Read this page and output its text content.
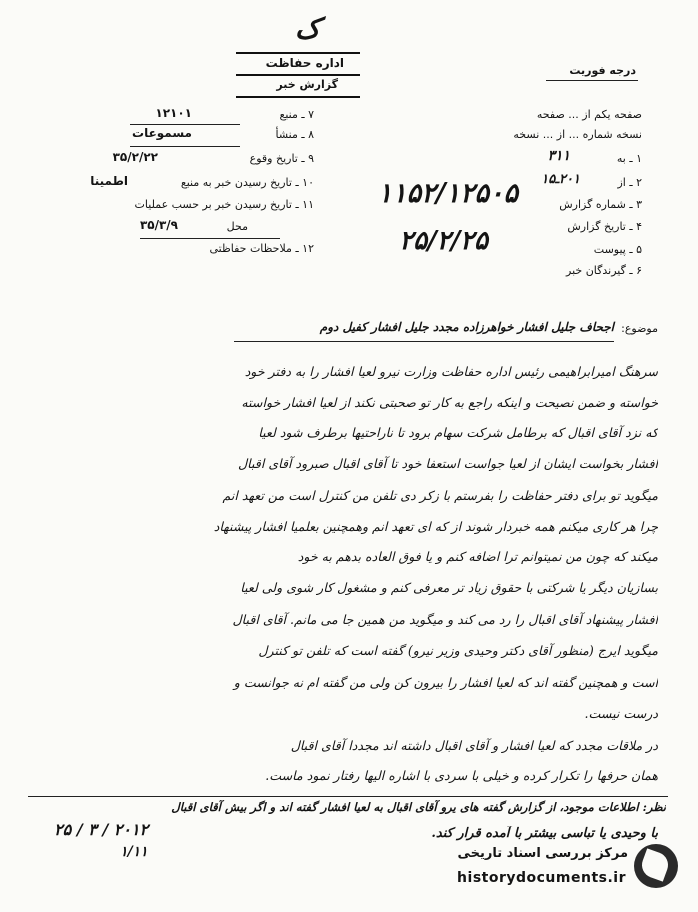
ک
اداره حفاظت
گزارش خبر
درجه فوریت
صفحه یکم از ... صفحه
نسخه شماره ... از ... نسخه
۱ ـ به
۲ ـ از
۳ ـ شماره گزارش
۴ ـ تاریخ گزارش
۵ ـ پیوست
۶ ـ گیرندگان خبر
۳۱۱
۲۰۱ـ۱۵
۱۱۵۲/۱۲۵۰۵
۲۵/۲/۲۵
۷ ـ منبع
۸ ـ منشأ
۹ ـ تاریخ وقوع
۱۰ ـ تاریخ رسیدن خبر به منبع
۱۱ ـ تاریخ رسیدن خبر بر حسب عملیات
محل
۱۲ ـ ملاحظات حفاظتی
۱۲۱۰۱
مسموعات
۳۵/۲/۲۲
اطمینا
۳۵/۳/۹
موضوع:
اجحاف جلیل افشار خواهرزاده مجدد جلیل افشار کفیل دوم
سرهنگ امیرابراهیمی رئیس اداره حفاظت وزارت نیرو لعیا افشار را به دفتر خود
خواسته و ضمن نصیحت و اینکه راجع به کار تو صحبتی نکند از لعیا افشار خواسته
که نزد آقای اقبال که برطامل شرکت سهام برود تا ناراحتیها برطرف شود لعیا
افشار بخواست ایشان از لعیا جواست استعفا خود تا آقای اقبال صبرود آقای اقبال
میگوید تو برای دفتر حفاظت را بفرستم با زکر دی تلفن من کنترل است من تعهد انم
چرا هر کاری میکنم همه خبردار شوند از که ای تعهد انم وهمچنین بعلمیا افشار پیشنهاد
میکند که چون من نمیتوانم ترا اضافه کنم و یا فوق العاده بدهم به خود
بسازیان دیگر یا شرکتی با حقوق زیاد تر معرفی کنم و مشغول کار شوی ولی لعیا
افشار پیشنهاد آقای اقبال را رد می کند و میگوید من همین جا می مانم. آقای اقبال
میگوید ایرج (منظور آقای دکتر وحیدی وزیر نیرو) گفته است که تلفن تو کنترل
است و همچنین گفته اند که لعیا افشار را بیرون کن ولی من گفته ام نه جوانست و
درست نیست.
در ملاقات مجدد که لعیا افشار و آقای اقبال داشته اند مجددا آقای اقبال
همان حرفها را تکرار کرده و خیلی با سردی با اشاره الیها رفتار نمود ماست.
نظر: اطلاعات موجود، از گزارش گفته های یرو آقای اقبال به لعیا افشار گفته اند و اگر بیش آقای اقبال
با وحیدی یا تباسی بیشتر با آمده قرار کند.
۲۵ / ۳ / ۲۰۱۲
۱/۱۱	مرکز بررسی اسناد تاریخی
historydocuments.ir
